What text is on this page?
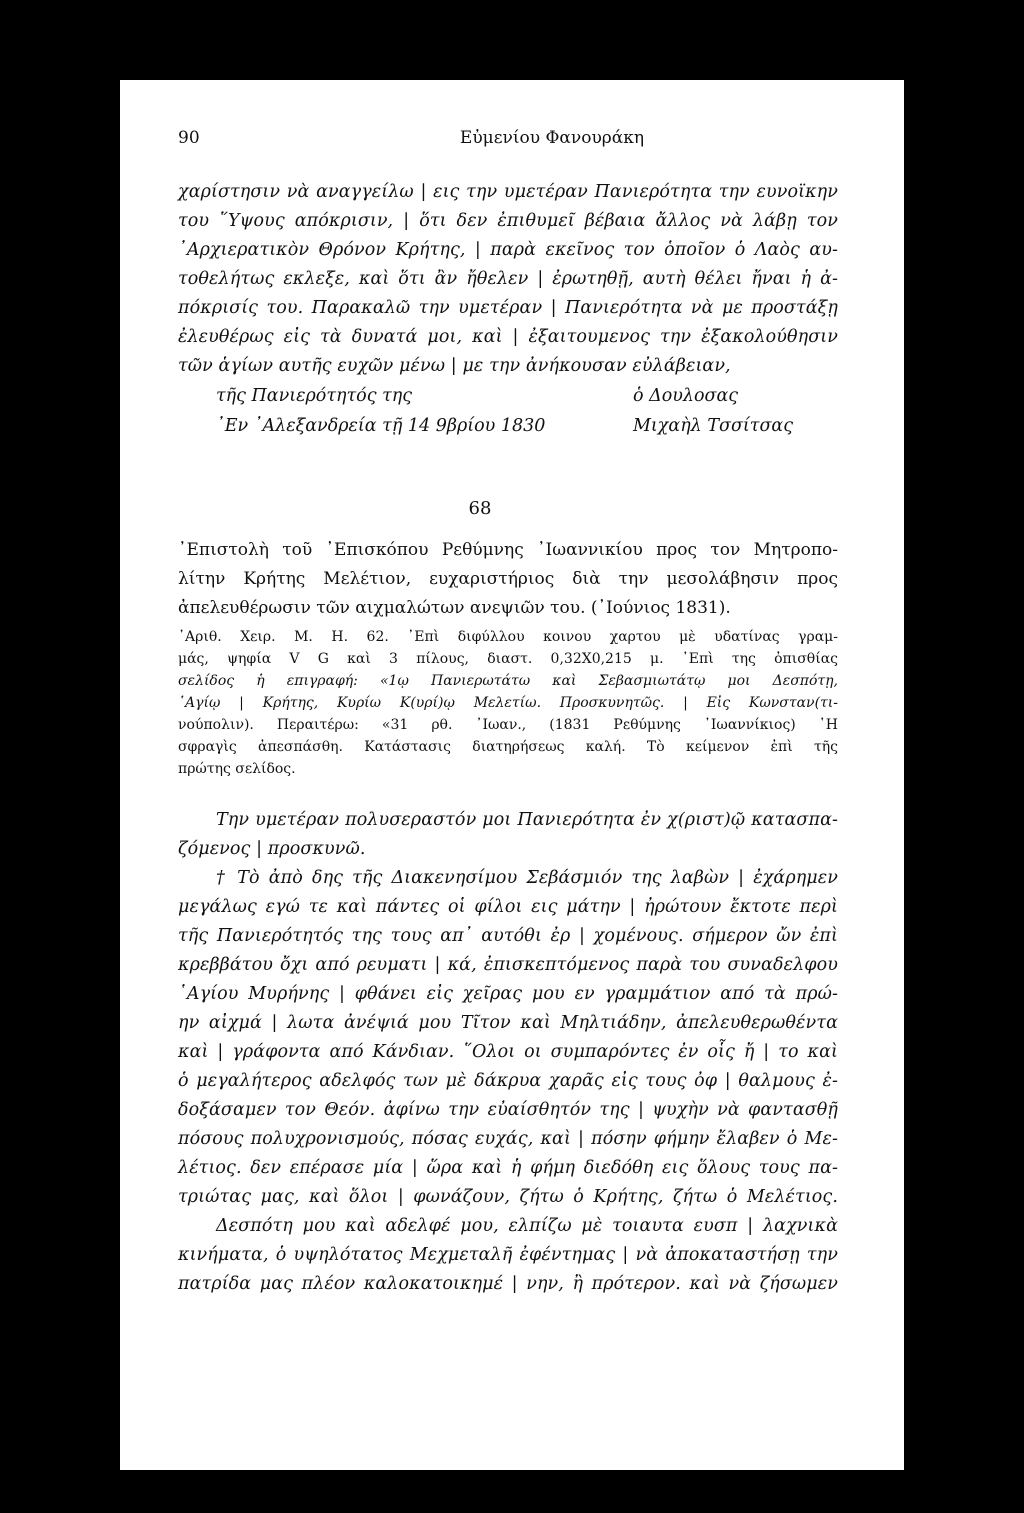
90	Εὐμενίου Φανουράκη
χαρίστησιν νὰ αναγγείλω | εις την υμετέραν Πανιερότητα την ευνοϊκην
του ῞Υψους απόκρισιν, | ὅτι δεν ἐπιθυμεῖ βέβαια ἄλλος νὰ λάβῃ τον
᾿Αρχιερατικὸν Θρόνον Κρήτης, | παρὰ εκεῖνος τον ὁποῖον ὁ Λαὸς αυ-
τοθελήτως εκλεξε, καὶ ὅτι ἂν ἤθελεν | ἐρωτηθῇ, αυτὴ θέλει ἤναι ἡ ἀ-
πόκρισίς του. Παρακαλῶ την υμετέραν | Πανιερότητα νὰ με προστάξῃ
ἐλευθέρως εἰς τὰ δυνατά μοι, καὶ | ἐξαιτουμενος την ἐξακολούθησιν
τῶν ἁγίων αυτῆς ευχῶν μένω | με την ἀνήκουσαν εὐλάβειαν,
τῆς Πανιερότητός της	ὁ Δουλοσας
᾿Εν ᾿Αλεξανδρεία τῇ 14 9βρίου 1830	Μιχαὴλ Τσσίτσας
68
᾿Επιστολὴ τοῦ ᾿Επισκόπου Ρεθύμνης ᾿Ιωαννικίου προς τον Μητροπο-
λίτην Κρήτης Μελέτιον, ευχαριστήριος διὰ την μεσολάβησιν προς
ἀπελευθέρωσιν τῶν αιχμαλώτων ανεψιῶν του. (᾿Ιούνιος 1831).
᾿Αριθ. Χειρ. Μ. Η. 62. ᾿Επὶ διφύλλου κοινου χαρτου μὲ υδατίνας γραμ-
μάς, ψηφία V G καὶ 3 πίλους, διαστ. 0,32Χ0,215 μ. ᾿Επὶ της ὀπισθίας
σελίδος ἡ επιγραφή: «1ῳ Πανιερωτάτω καὶ Σεβασμιωτάτῳ μοι Δεσπότῃ,
῾Αγίῳ | Κρήτης, Κυρίω Κ(υρί)ῳ Μελετίω. Προσκυνητῶς. | Εἰς Κωνσταν(τι-
νούπολιν). Περαιτέρω: «31 ρθ. ᾿Ιωαν., (1831 Ρεθύμνης ᾿Ιωαννίκιος) ῾Η
σφραγὶς ἀπεσπάσθη. Κατάστασις διατηρήσεως καλή. Τὸ κείμενον ἐπὶ τῆς
πρώτης σελίδος.
Την υμετέραν πολυσεραστόν μοι Πανιερότητα ἐν χ(ριστ)ῷ κατασπα-
ζόμενος | προσκυνῶ.
† Τὸ ἀπὸ δης τῆς Διακενησίμου Σεβάσμιόν της λαβὼν | ἐχάρημεν
μεγάλως εγώ τε καὶ πάντες οἱ φίλοι εις μάτην | ἠρώτουν ἔκτοτε περὶ
τῆς Πανιερότητός της τους απ᾿ αυτόθι ἐρ | χομένους. σήμερον ὤν ἐπὶ
κρεββάτου ὄχι από ρευματι | κά, ἐπισκεπτόμενος παρὰ του συναδελφου
῾Αγίου Μυρήνης | φθάνει εἰς χεῖρας μου εν γραμμάτιον από τὰ πρώ-
ην αἰχμά | λωτα ἀνέψιά μου Τῖτον καὶ Μηλτιάδην, ἀπελευθερωθέντα
καὶ | γράφοντα από Κάνδιαν. ῞Ολοι οι συμπαρόντες ἐν οἷς ἤ | το καὶ
ὁ μεγαλήτερος αδελφός των μὲ δάκρυα χαρᾶς εἰς τους ὀφ | θαλμους ἐ-
δοξάσαμεν τον Θεόν. ἀφίνω την εὐαίσθητόν της | ψυχὴν νὰ φαντασθῇ
πόσους πολυχρονισμούς, πόσας ευχάς, καὶ | πόσην φήμην ἔλαβεν ὁ Με-
λέτιος. δεν επέρασε μία | ὥρα καὶ ἡ φήμη διεδόθη εις ὅλους τους πα-
τριώτας μας, καὶ ὅλοι | φωνάζουν, ζήτω ὁ Κρήτης, ζήτω ὁ Μελέτιος.
Δεσπότη μου καὶ αδελφέ μου, ελπίζω μὲ τοιαυτα ευσπ | λαχνικὰ
κινήματα, ὁ υψηλότατος Μεχμεταλῆ ἐφέντημας | νὰ ἀποκαταστήσῃ την
πατρίδα μας πλέον καλοκατοικημέ | νην, ἢ πρότερον. καὶ νὰ ζήσωμεν
